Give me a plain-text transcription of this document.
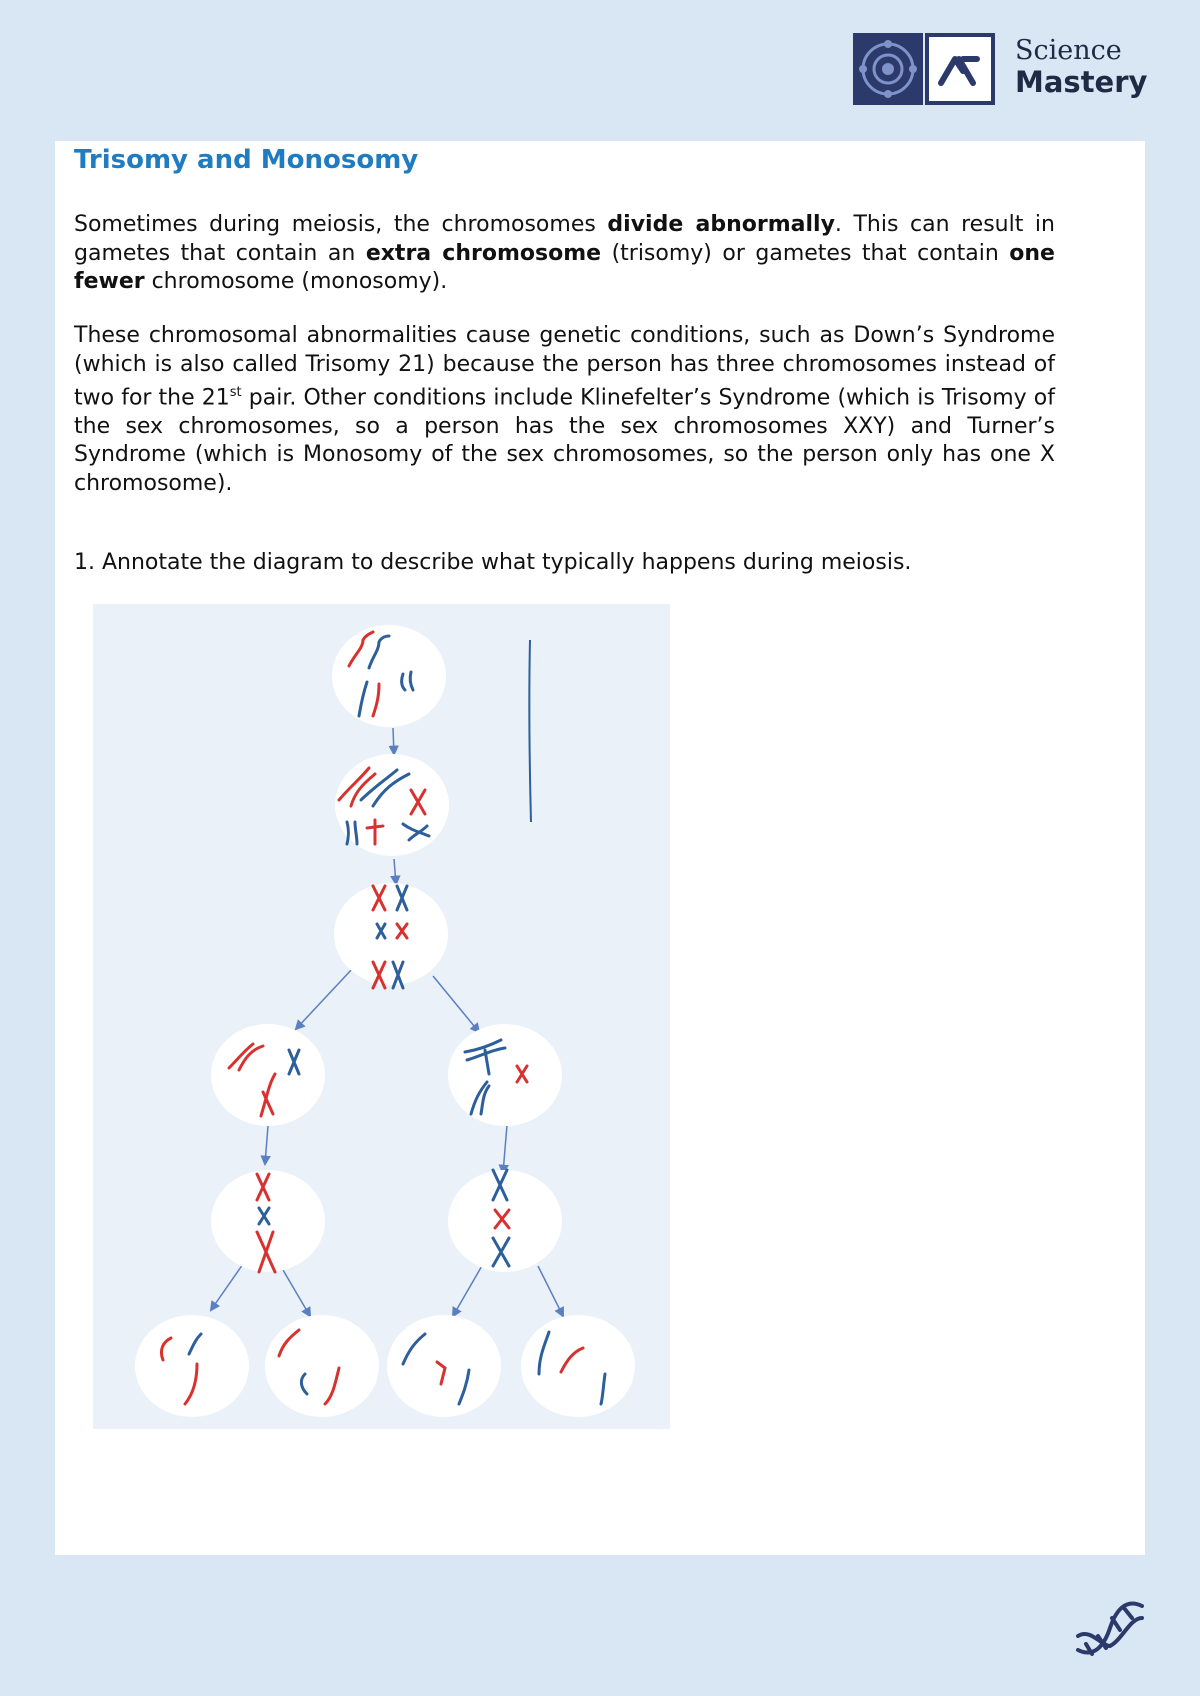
Science
Mastery
Trisomy and Monosomy

Sometimes during meiosis, the chromosomes divide abnormally. This can result in gametes that contain an extra chromosome (trisomy) or gametes that contain one fewer chromosome (monosomy).

These chromosomal abnormalities cause genetic conditions, such as Down’s Syndrome (which is also called Trisomy 21) because the person has three chromosomes instead of two for the 21st pair. Other conditions include Klinefelter’s Syndrome (which is Trisomy of the sex chromosomes, so a person has the sex chromosomes XXY) and Turner’s Syndrome (which is Monosomy of the sex chromosomes, so the person only has one X chromosome).

1. Annotate the diagram to describe what typically happens during meiosis.
